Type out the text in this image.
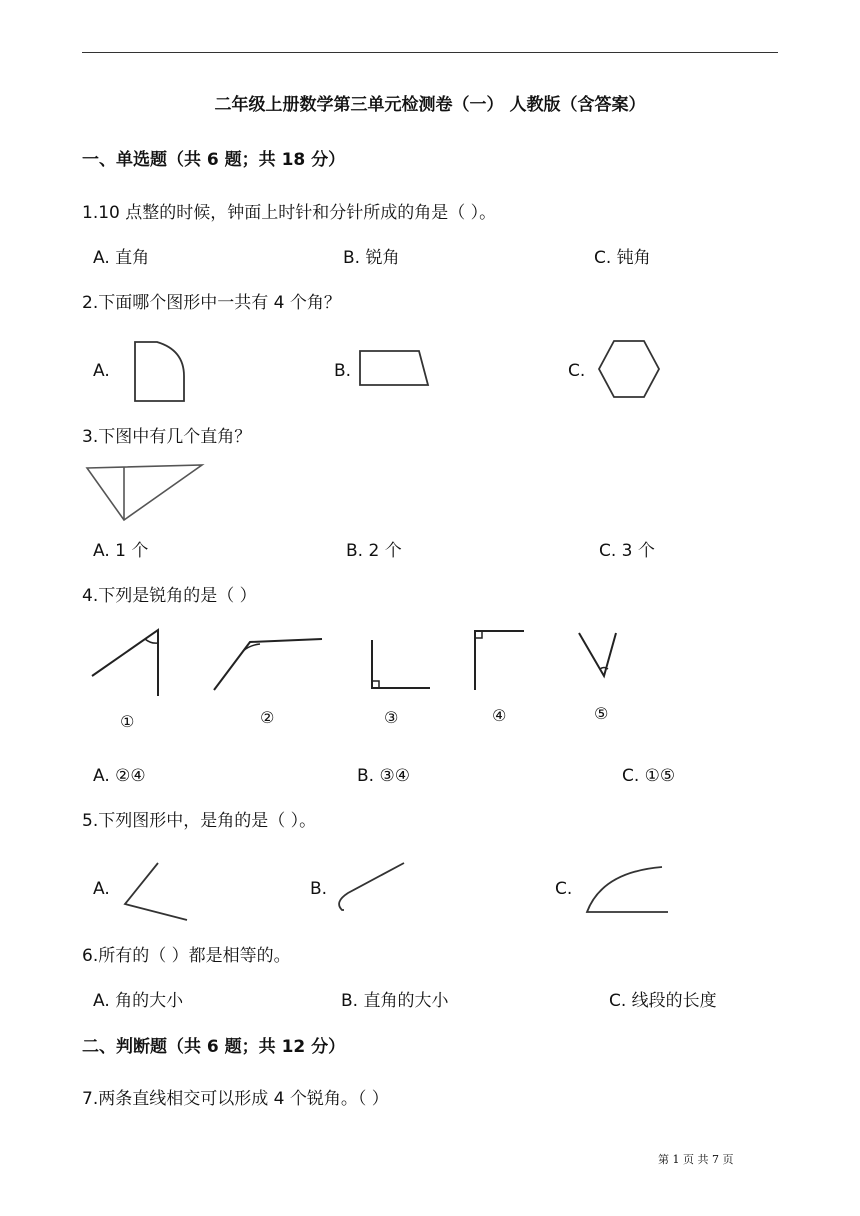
二年级上册数学第三单元检测卷（一） 人教版（含答案）
一、单选题（共 6 题；共 18 分）
1.10 点整的时候，钟面上时针和分针所成的角是（ ）。
A. 直角	B. 锐角	C. 钝角
2.下面哪个图形中一共有 4 个角？
A.	B.	C.
3.下图中有几个直角？
A. 1 个	B. 2 个	C. 3 个
4.下列是锐角的是（ ）
①	②	③	④	⑤
A. ②④	B. ③④	C. ①⑤
5.下列图形中，是角的是（ ）。
A.	B.	C.
6.所有的（ ）都是相等的。
A. 角的大小	B. 直角的大小	C. 线段的长度
二、判断题（共 6 题；共 12 分）
7.两条直线相交可以形成 4 个锐角。（ ）
第 1 页 共 7 页
